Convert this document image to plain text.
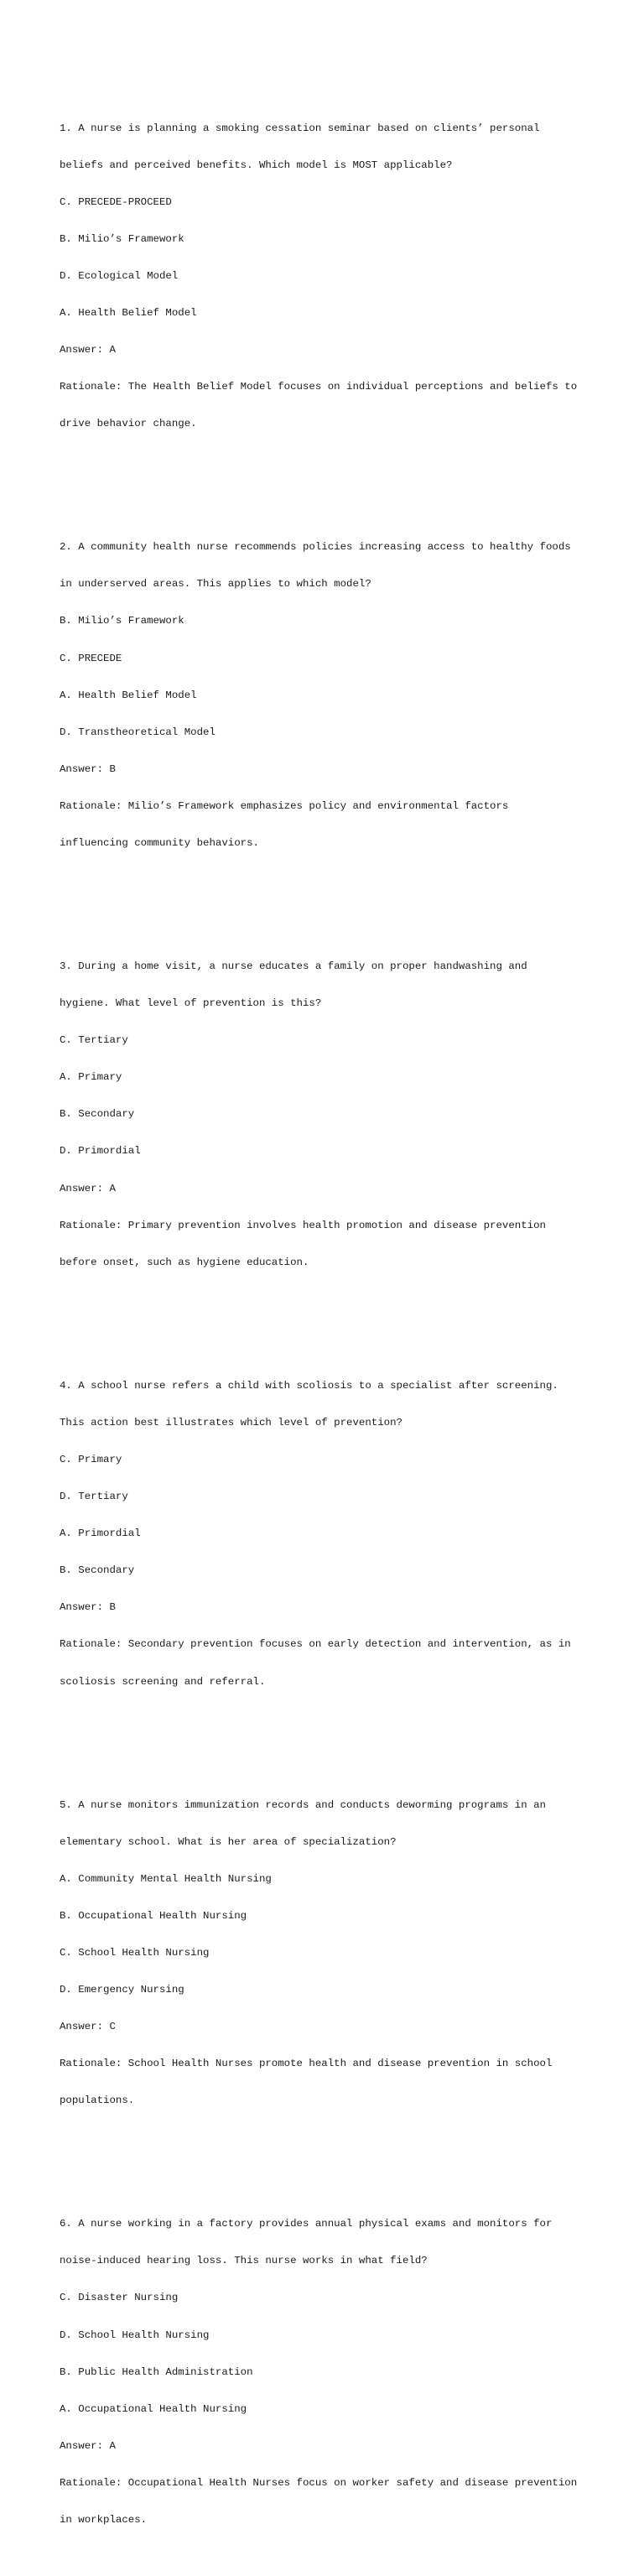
1. A nurse is planning a smoking cessation seminar based on clients’ personal

beliefs and perceived benefits. Which model is MOST applicable?

C. PRECEDE-PROCEED

B. Milio’s Framework

D. Ecological Model

A. Health Belief Model

Answer: A

Rationale: The Health Belief Model focuses on individual perceptions and beliefs to

drive behavior change.

2. A community health nurse recommends policies increasing access to healthy foods

in underserved areas. This applies to which model?

B. Milio’s Framework

C. PRECEDE

A. Health Belief Model

D. Transtheoretical Model

Answer: B

Rationale: Milio’s Framework emphasizes policy and environmental factors

influencing community behaviors.

3. During a home visit, a nurse educates a family on proper handwashing and

hygiene. What level of prevention is this?

C. Tertiary

A. Primary

B. Secondary

D. Primordial

Answer: A

Rationale: Primary prevention involves health promotion and disease prevention

before onset, such as hygiene education.

4. A school nurse refers a child with scoliosis to a specialist after screening.

This action best illustrates which level of prevention?

C. Primary

D. Tertiary

A. Primordial

B. Secondary

Answer: B

Rationale: Secondary prevention focuses on early detection and intervention, as in

scoliosis screening and referral.

5. A nurse monitors immunization records and conducts deworming programs in an

elementary school. What is her area of specialization?

A. Community Mental Health Nursing

B. Occupational Health Nursing

C. School Health Nursing

D. Emergency Nursing

Answer: C

Rationale: School Health Nurses promote health and disease prevention in school

populations.

6. A nurse working in a factory provides annual physical exams and monitors for

noise-induced hearing loss. This nurse works in what field?

C. Disaster Nursing

D. School Health Nursing

B. Public Health Administration

A. Occupational Health Nursing

Answer: A

Rationale: Occupational Health Nurses focus on worker safety and disease prevention

in workplaces.
